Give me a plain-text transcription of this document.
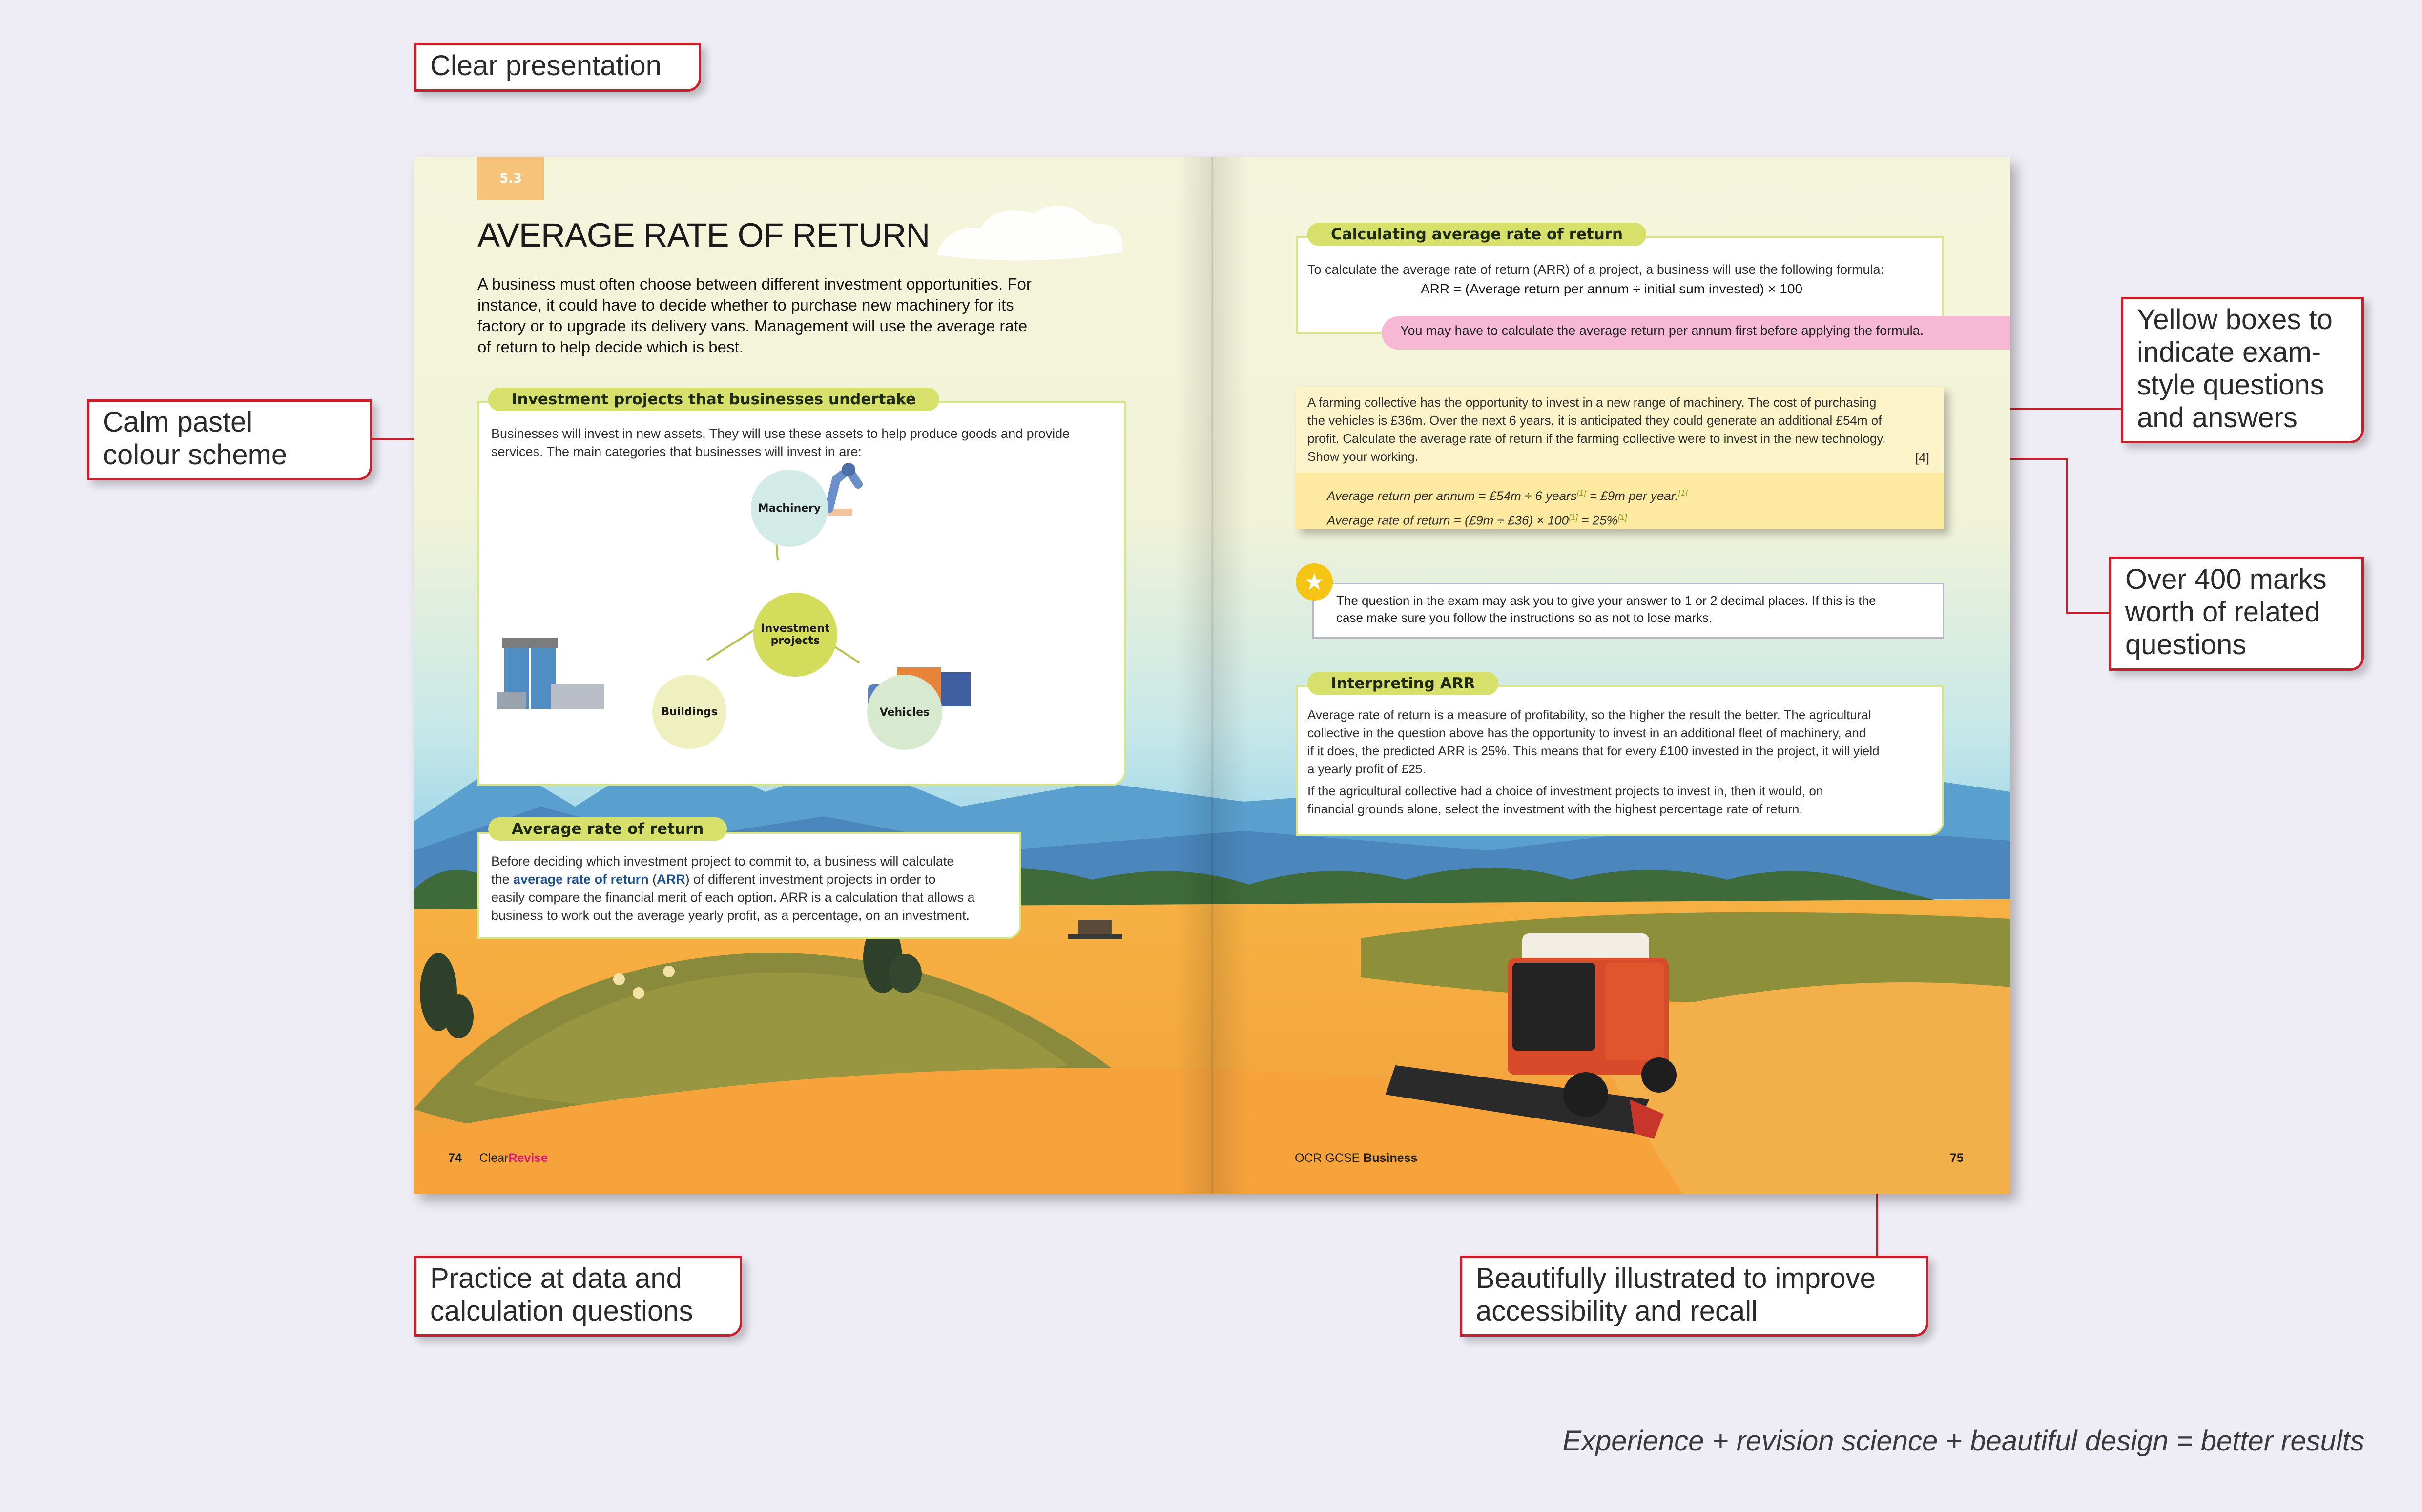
Clear presentation
Calm pastel
colour scheme
Yellow boxes to
indicate exam-
style questions
and answers
Over 400 marks
worth of related
questions
Practice at data and
calculation questions
Beautifully illustrated to improve
accessibility and recall
Experience + revision science + beautiful design = better results
5.3
AVERAGE RATE OF RETURN
A business must often choose between different investment opportunities. For
instance, it could have to decide whether to purchase new machinery for its
factory or to upgrade its delivery vans. Management will use the average rate
of return to help decide which is best.
Investment projects that businesses undertake
Businesses will invest in new assets. They will use these assets to help produce goods and provide
services. The main categories that businesses will invest in are:
Machinery
Investment
projects
Buildings	Vehicles
Average rate of return
Before deciding which investment project to commit to, a business will calculate
the average rate of return (ARR) of different investment projects in order to
easily compare the financial merit of each option. ARR is a calculation that allows a
business to work out the average yearly profit, as a percentage, on an investment.
74 ClearRevise
Calculating average rate of return
To calculate the average rate of return (ARR) of a project, a business will use the following formula:
ARR = (Average return per annum ÷ initial sum invested) × 100
You may have to calculate the average return per annum first before applying the formula.
A farming collective has the opportunity to invest in a new range of machinery. The cost of purchasing
the vehicles is £36m. Over the next 6 years, it is anticipated they could generate an additional £54m of
profit. Calculate the average rate of return if the farming collective were to invest in the new technology.
Show your working.	[4]
Average return per annum = £54m ÷ 6 years[1] = £9m per year.[1]
Average rate of return = (£9m ÷ £36) × 100[1] = 25%[1]
The question in the exam may ask you to give your answer to 1 or 2 decimal places. If this is the
case make sure you follow the instructions so as not to lose marks.
★
Interpreting ARR
Average rate of return is a measure of profitability, so the higher the result the better. The agricultural
collective in the question above has the opportunity to invest in an additional fleet of machinery, and
if it does, the predicted ARR is 25%. This means that for every £100 invested in the project, it will yield
a yearly profit of £25.
If the agricultural collective had a choice of investment projects to invest in, then it would, on
financial grounds alone, select the investment with the highest percentage rate of return.
OCR GCSE Business	75
